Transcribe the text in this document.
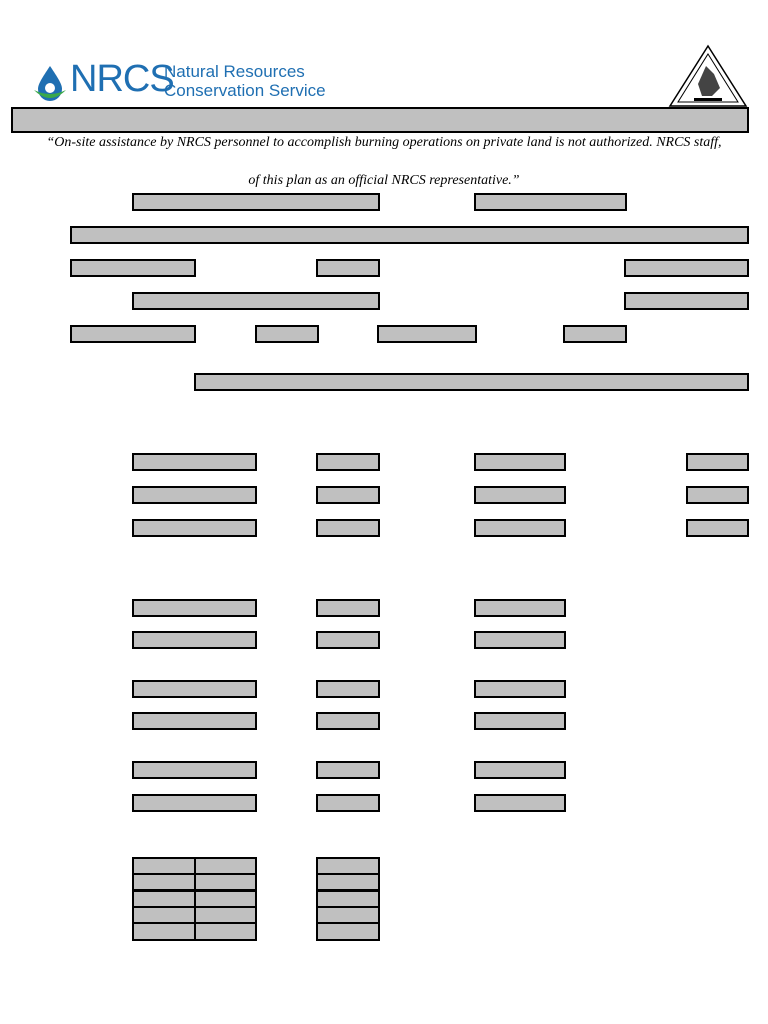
NRCS
Natural Resources
Conservation Service
“On-site assistance by NRCS personnel to accomplish burning operations on private land is not authorized. NRCS staff,
of this plan as an official NRCS representative.”
